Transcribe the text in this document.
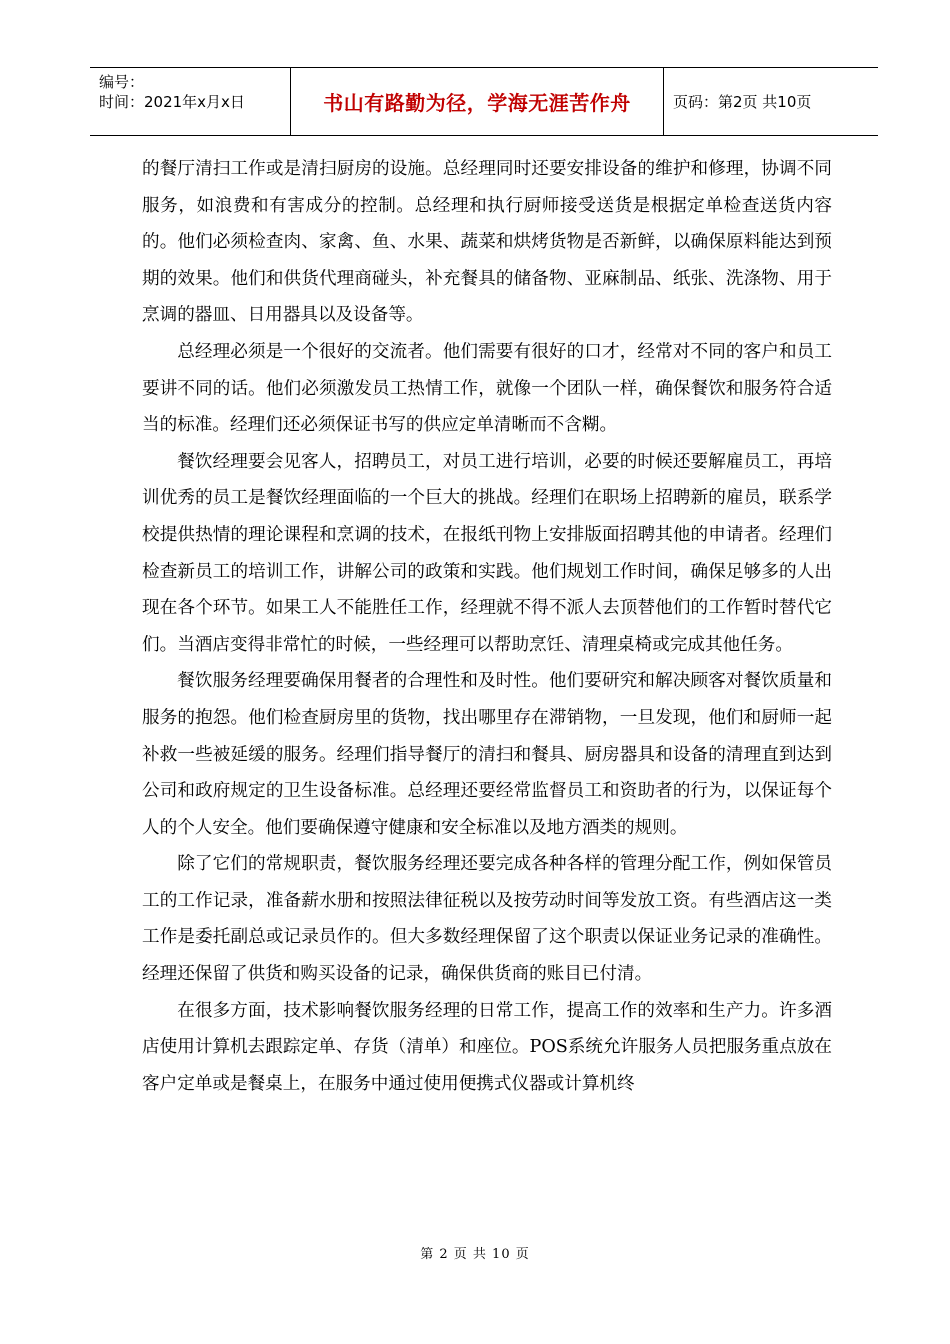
编号：
时间：2021年x月x日	书山有路勤为径，学海无涯苦作舟	页码：第2页 共10页

的餐厅清扫工作或是清扫厨房的设施。总经理同时还要安排设备的维护和修理，协调不同服务，如浪费和有害成分的控制。总经理和执行厨师接受送货是根据定单检查送货内容的。他们必须检查肉、家禽、鱼、水果、蔬菜和烘烤货物是否新鲜，以确保原料能达到预期的效果。他们和供货代理商碰头，补充餐具的储备物、亚麻制品、纸张、洗涤物、用于烹调的器皿、日用器具以及设备等。

总经理必须是一个很好的交流者。他们需要有很好的口才，经常对不同的客户和员工要讲不同的话。他们必须激发员工热情工作，就像一个团队一样，确保餐饮和服务符合适当的标准。经理们还必须保证书写的供应定单清晰而不含糊。

餐饮经理要会见客人，招聘员工，对员工进行培训，必要的时候还要解雇员工，再培训优秀的员工是餐饮经理面临的一个巨大的挑战。经理们在职场上招聘新的雇员，联系学校提供热情的理论课程和烹调的技术，在报纸刊物上安排版面招聘其他的申请者。经理们检查新员工的培训工作，讲解公司的政策和实践。他们规划工作时间，确保足够多的人出现在各个环节。如果工人不能胜任工作，经理就不得不派人去顶替他们的工作暂时替代它们。当酒店变得非常忙的时候，一些经理可以帮助烹饪、清理桌椅或完成其他任务。

餐饮服务经理要确保用餐者的合理性和及时性。他们要研究和解决顾客对餐饮质量和服务的抱怨。他们检查厨房里的货物，找出哪里存在滞销物，一旦发现，他们和厨师一起补救一些被延缓的服务。经理们指导餐厅的清扫和餐具、厨房器具和设备的清理直到达到公司和政府规定的卫生设备标准。总经理还要经常监督员工和资助者的行为，以保证每个人的个人安全。他们要确保遵守健康和安全标准以及地方酒类的规则。

除了它们的常规职责，餐饮服务经理还要完成各种各样的管理分配工作，例如保管员工的工作记录，准备薪水册和按照法律征税以及按劳动时间等发放工资。有些酒店这一类工作是委托副总或记录员作的。但大多数经理保留了这个职责以保证业务记录的准确性。经理还保留了供货和购买设备的记录，确保供货商的账目已付清。

在很多方面，技术影响餐饮服务经理的日常工作，提高工作的效率和生产力。许多酒店使用计算机去跟踪定单、存货（清单）和座位。POS系统允许服务人员把服务重点放在客户定单或是餐桌上，在服务中通过使用便携式仪器或计算机终

第 2 页 共 10 页
